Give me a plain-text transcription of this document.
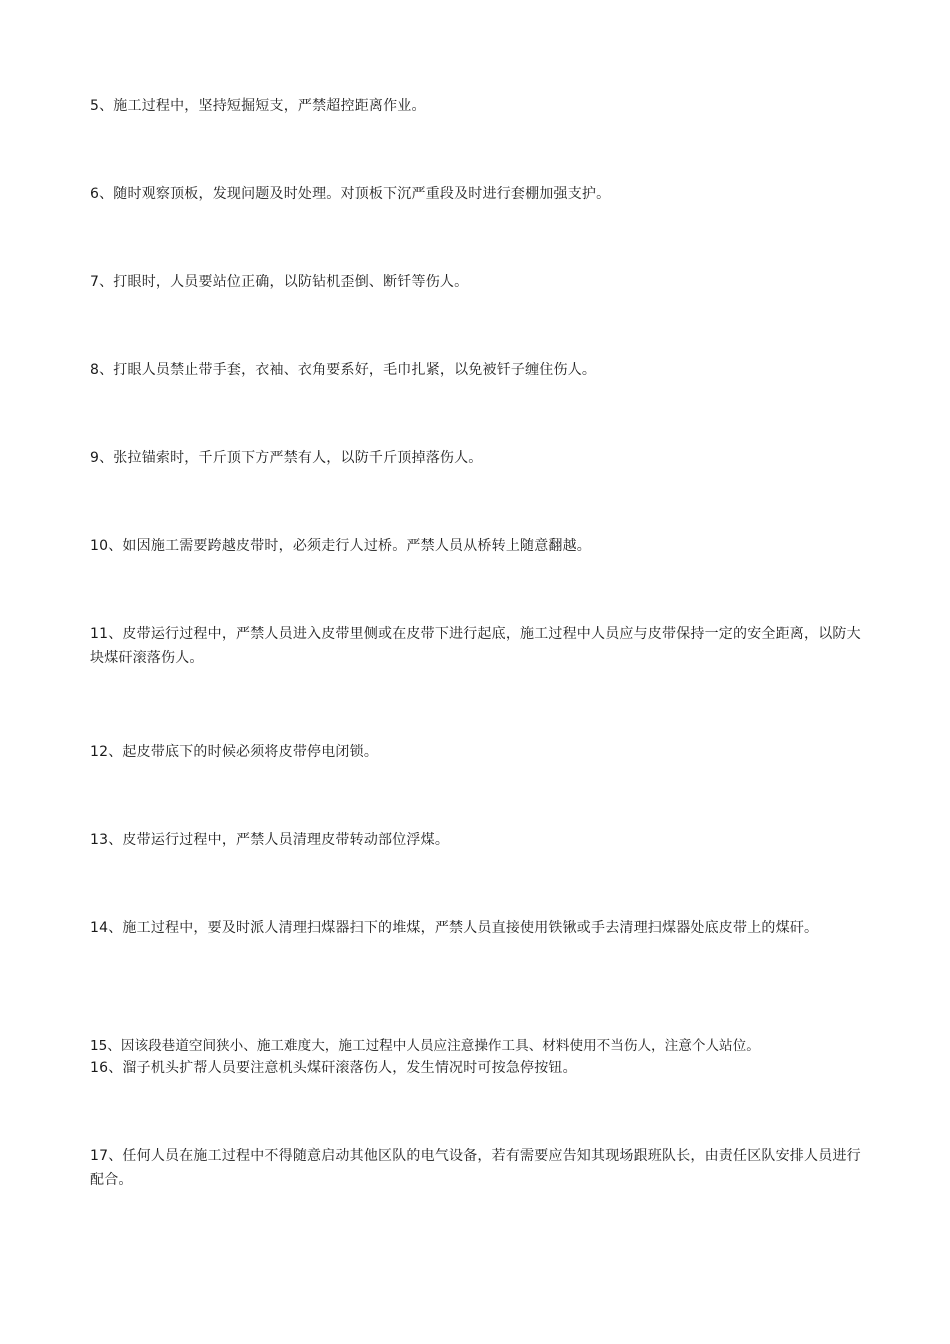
5、施工过程中，坚持短掘短支，严禁超控距离作业。

6、随时观察顶板，发现问题及时处理。对顶板下沉严重段及时进行套棚加强支护。

7、打眼时，人员要站位正确，以防钻机歪倒、断钎等伤人。

8、打眼人员禁止带手套，衣袖、衣角要系好，毛巾扎紧，以免被钎子缠住伤人。

9、张拉锚索时，千斤顶下方严禁有人，以防千斤顶掉落伤人。

10、如因施工需要跨越皮带时，必须走行人过桥。严禁人员从桥转上随意翻越。

11、皮带运行过程中，严禁人员进入皮带里侧或在皮带下进行起底，施工过程中人员应与皮带保持一定的安全距离，以防大块煤矸滚落伤人。

12、起皮带底下的时候必须将皮带停电闭锁。

13、皮带运行过程中，严禁人员清理皮带转动部位浮煤。

14、施工过程中，要及时派人清理扫煤器扫下的堆煤，严禁人员直接使用铁锹或手去清理扫煤器处底皮带上的煤矸。

15、因该段巷道空间狭小、施工难度大，施工过程中人员应注意操作工具、材料使用不当伤人，注意个人站位。

16、溜子机头扩帮人员要注意机头煤矸滚落伤人，发生情况时可按急停按钮。

17、任何人员在施工过程中不得随意启动其他区队的电气设备，若有需要应告知其现场跟班队长，由责任区队安排人员进行配合。
